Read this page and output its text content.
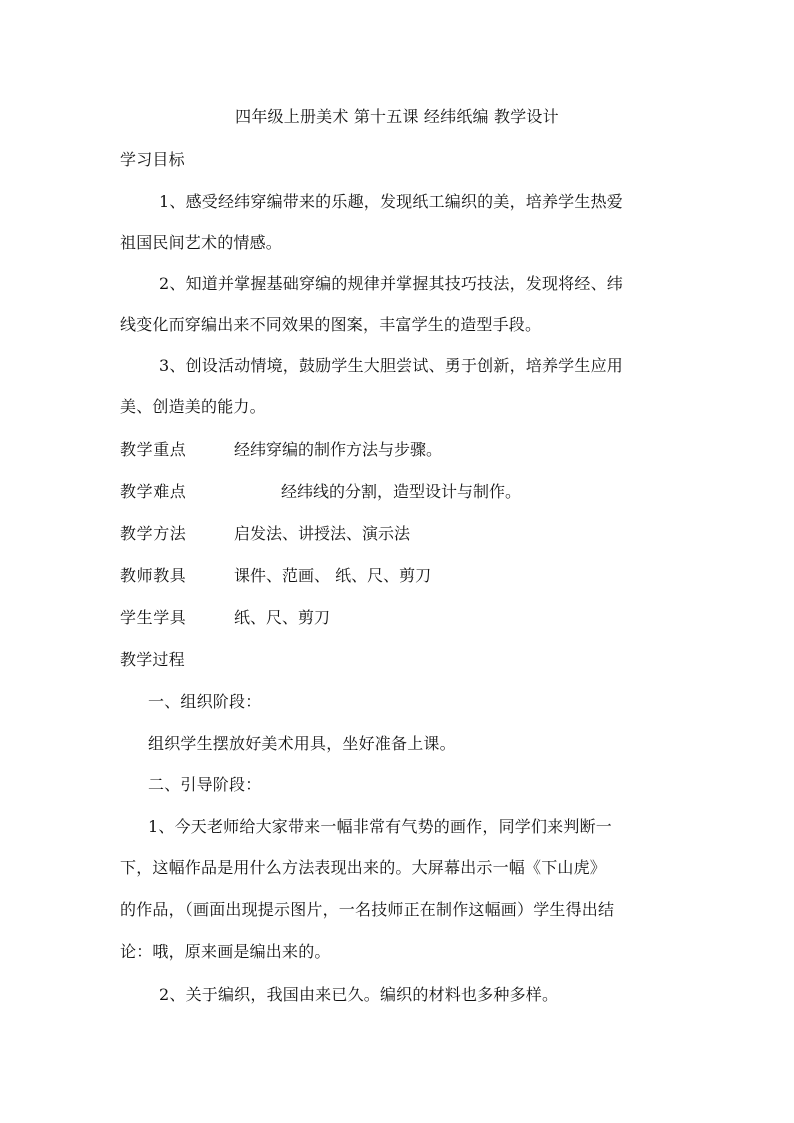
四年级上册美术 第十五课 经纬纸编 教学设计
学习目标
1、感受经纬穿编带来的乐趣，发现纸工编织的美，培养学生热爱
祖国民间艺术的情感。
2、知道并掌握基础穿编的规律并掌握其技巧技法，发现将经、纬
线变化而穿编出来不同效果的图案，丰富学生的造型手段。
3、创设活动情境，鼓励学生大胆尝试、勇于创新，培养学生应用
美、创造美的能力。
教学重点	经纬穿编的制作方法与步骤。
教学难点	经纬线的分割，造型设计与制作。
教学方法	启发法、讲授法、演示法
教师教具	课件、范画、 纸、尺、剪刀
学生学具	纸、尺、剪刀
教学过程
一、组织阶段：
组织学生摆放好美术用具，坐好准备上课。
二、引导阶段：
1、今天老师给大家带来一幅非常有气势的画作，同学们来判断一
下，这幅作品是用什么方法表现出来的。大屏幕出示一幅《下山虎》
的作品，（画面出现提示图片，一名技师正在制作这幅画）学生得出结
论：哦，原来画是编出来的。
2、关于编织，我国由来已久。编织的材料也多种多样。
